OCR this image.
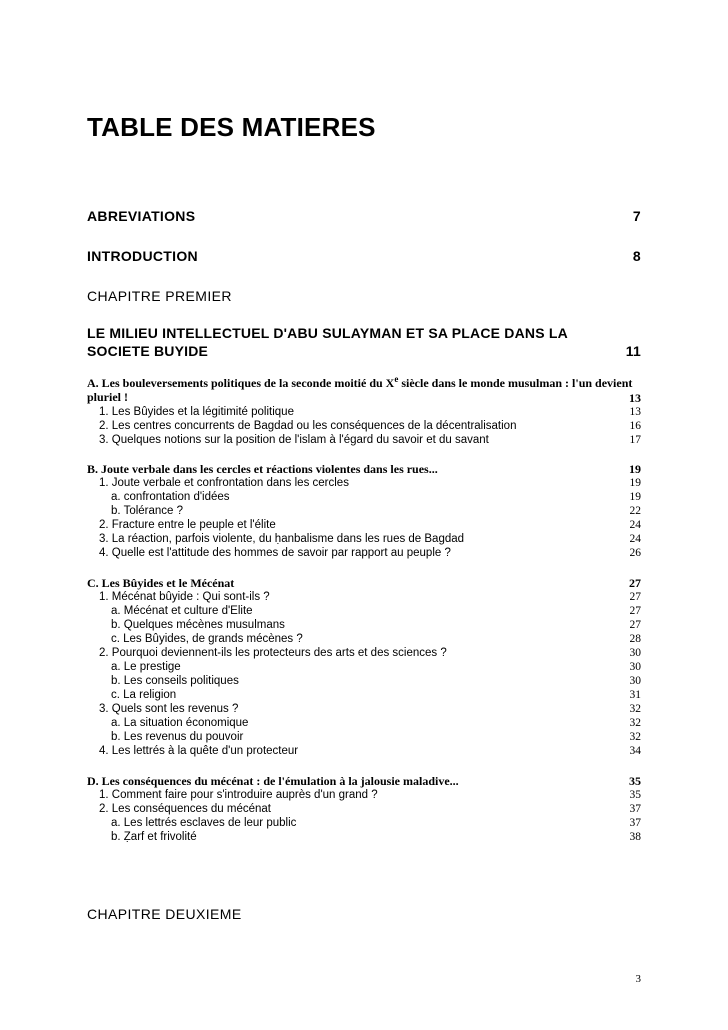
TABLE DES MATIERES
ABREVIATIONS	7
INTRODUCTION	8
CHAPITRE PREMIER
LE MILIEU INTELLECTUEL D'ABU SULAYMAN ET SA PLACE DANS LA
SOCIETE BUYIDE	11
A. Les bouleversements politiques de la seconde moitié du Xe siècle dans le monde musulman : l'un devient pluriel !	13
1. Les Bûyides et la légitimité politique	13
2. Les centres concurrents de Bagdad ou les conséquences de la décentralisation	16
3. Quelques notions sur la position de l'islam à l'égard du savoir et du savant	17
B. Joute verbale dans les cercles et réactions violentes dans les rues...	19
1. Joute verbale et confrontation dans les cercles	19
a. confrontation d'idées	19
b. Tolérance ?	22
2. Fracture entre le peuple et l'élite	24
3. La réaction, parfois violente, du ḥanbalisme dans les rues de Bagdad	24
4. Quelle est l'attitude des hommes de savoir par rapport au peuple ?	26
C. Les Bûyides et le Mécénat	27
1. Mécénat bûyide : Qui sont-ils ?	27
a. Mécénat et culture d'Elite	27
b. Quelques mécènes musulmans	27
c. Les Bûyides, de grands mécènes ?	28
2. Pourquoi deviennent-ils les protecteurs des arts et des sciences ?	30
a. Le prestige	30
b. Les conseils politiques	30
c. La religion	31
3. Quels sont les revenus ?	32
a. La situation économique	32
b. Les revenus du pouvoir	32
4. Les lettrés à la quête d'un protecteur	34
D. Les conséquences du mécénat : de l'émulation à la jalousie maladive...	35
1. Comment faire pour s'introduire auprès d'un grand ?	35
2. Les conséquences du mécénat	37
a. Les lettrés esclaves de leur public	37
b. Ẓarf et frivolité	38
CHAPITRE DEUXIEME
3
